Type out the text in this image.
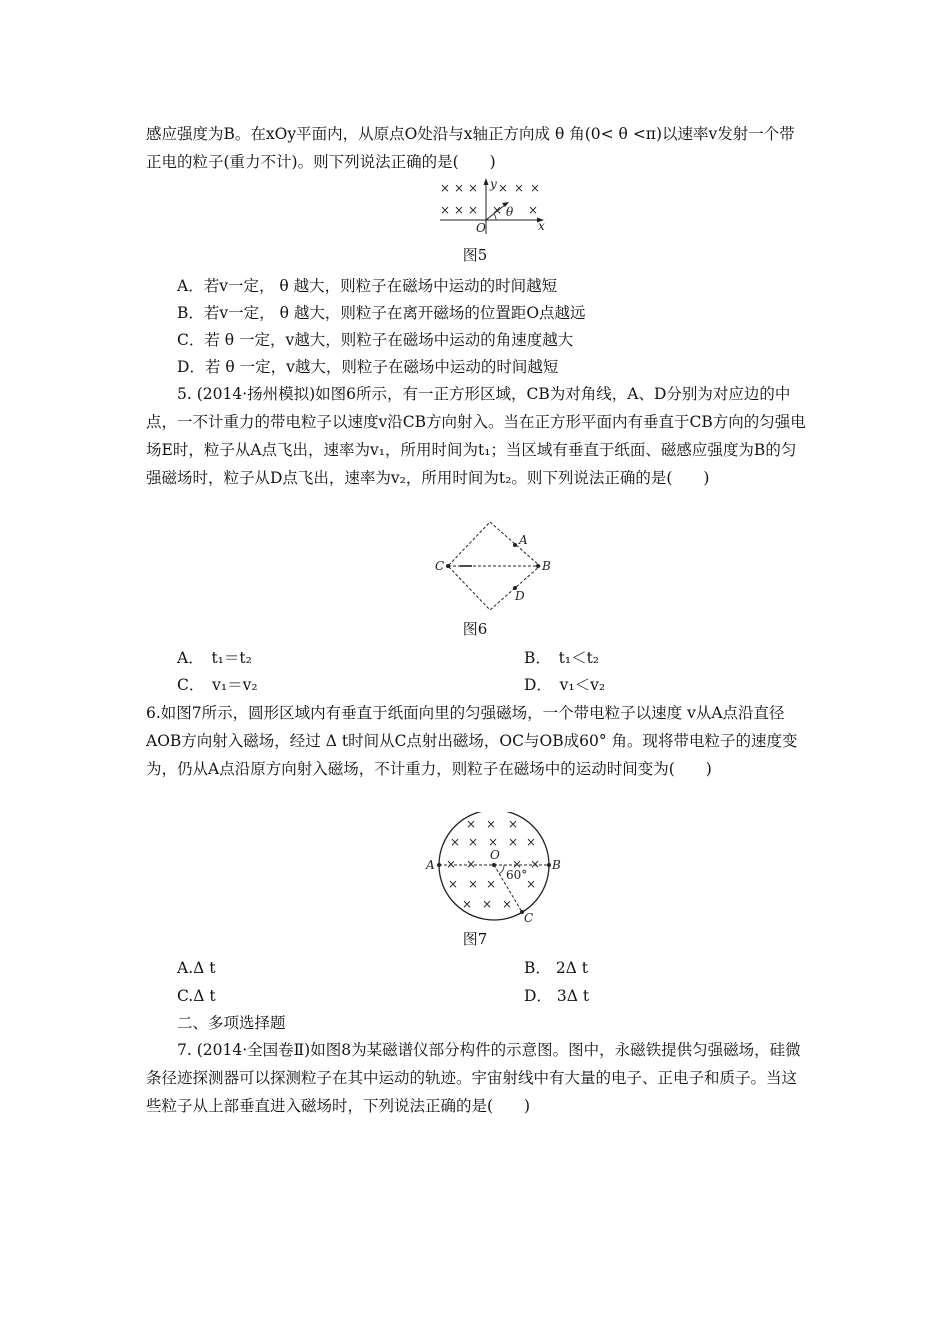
感应强度为B。在xOy平面内，从原点O处沿与x轴正方向成 θ 角(0< θ <π)以速率v发射一个带正电的粒子(重力不计)。则下列说法正确的是(　　)

× × × × × ×
× × × × ×
y
θ
O	x
图5
A．若v一定， θ 越大，则粒子在磁场中运动的时间越短
B．若v一定， θ 越大，则粒子在离开磁场的位置距O点越远
C．若 θ 一定，v越大，则粒子在磁场中运动的角速度越大
D．若 θ 一定，v越大，则粒子在磁场中运动的时间越短

5. (2014·扬州模拟)如图6所示，有一正方形区域，CB为对角线，A、D分别为对应边的中点，一不计重力的带电粒子以速度v沿CB方向射入。当在正方形平面内有垂直于CB方向的匀强电场E时，粒子从A点飞出，速率为v₁，所用时间为t₁；当区域有垂直于纸面、磁感应强度为B的匀强磁场时，粒子从D点飞出，速率为v₂，所用时间为t₂。则下列说法正确的是(　　)

C	B
A
D
图6
A．　t₁＝t₂	B．　t₁＜t₂
C．　v₁＝v₂	D．　v₁＜v₂

6.如图7所示，圆形区域内有垂直于纸面向里的匀强磁场，一个带电粒子以速度 v从A点沿直径AOB方向射入磁场，经过 Δ t时间从C点射出磁场，OC与OB成60° 角。现将带电粒子的速度变为，仍从A点沿原方向射入磁场，不计重力，则粒子在磁场中的运动时间变为(　　)

× × ×
× × × × ×
× ×	× ×
× × × ×
× × ×
A
O
B
C
60°
图7
A.Δ t	B． 2Δ t
C.Δ t	D． 3Δ t
二、多项选择题

7. (2014·全国卷Ⅱ)如图8为某磁谱仪部分构件的示意图。图中，永磁铁提供匀强磁场，硅微条径迹探测器可以探测粒子在其中运动的轨迹。宇宙射线中有大量的电子、正电子和质子。当这些粒子从上部垂直进入磁场时，下列说法正确的是(　　)
